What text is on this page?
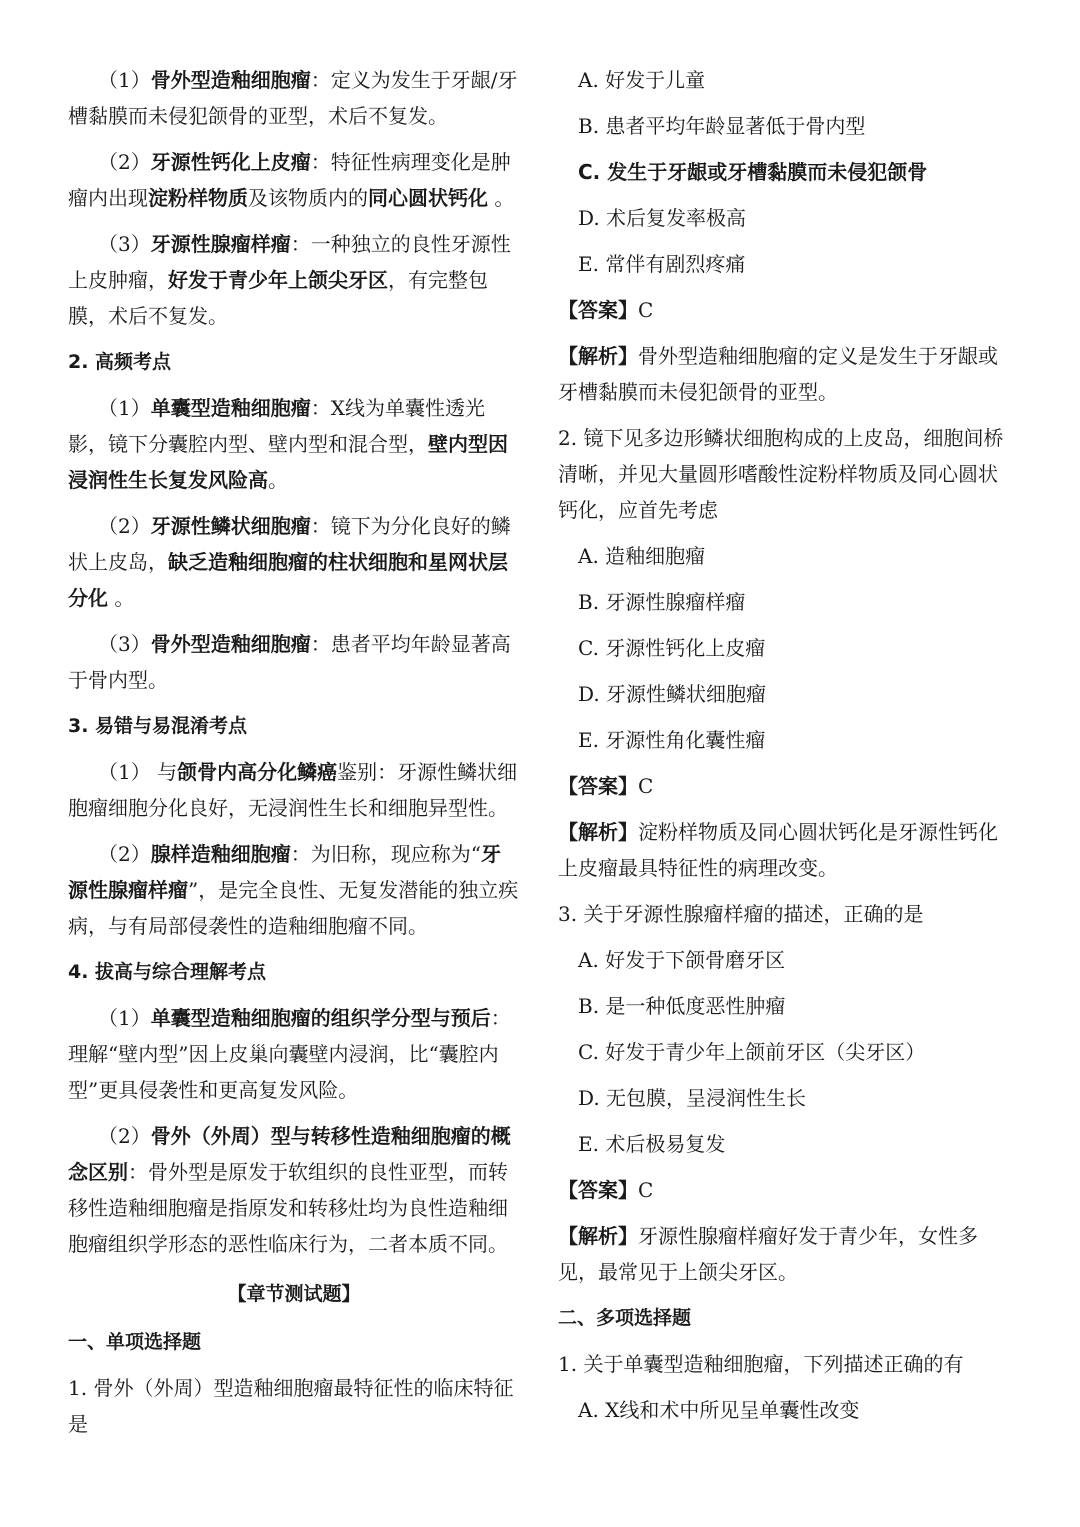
（1）骨外型造釉细胞瘤：定义为发生于牙龈/牙槽黏膜而未侵犯颌骨的亚型，术后不复发。

（2）牙源性钙化上皮瘤：特征性病理变化是肿瘤内出现淀粉样物质及该物质内的同心圆状钙化 。

（3）牙源性腺瘤样瘤：一种独立的良性牙源性上皮肿瘤，好发于青少年上颌尖牙区，有完整包膜，术后不复发。

2. 高频考点

（1）单囊型造釉细胞瘤：X线为单囊性透光影，镜下分囊腔内型、壁内型和混合型，壁内型因浸润性生长复发风险高。

（2）牙源性鳞状细胞瘤：镜下为分化良好的鳞状上皮岛，缺乏造釉细胞瘤的柱状细胞和星网状层分化 。

（3）骨外型造釉细胞瘤：患者平均年龄显著高于骨内型。

3. 易错与易混淆考点

（1） 与颌骨内高分化鳞癌鉴别：牙源性鳞状细胞瘤细胞分化良好，无浸润性生长和细胞异型性。

（2）腺样造釉细胞瘤：为旧称，现应称为“牙源性腺瘤样瘤”，是完全良性、无复发潜能的独立疾病，与有局部侵袭性的造釉细胞瘤不同。

4. 拔高与综合理解考点

（1）单囊型造釉细胞瘤的组织学分型与预后：理解“壁内型”因上皮巢向囊壁内浸润，比“囊腔内型”更具侵袭性和更高复发风险。

（2）骨外（外周）型与转移性造釉细胞瘤的概念区别：骨外型是原发于软组织的良性亚型，而转移性造釉细胞瘤是指原发和转移灶均为良性造釉细胞瘤组织学形态的恶性临床行为，二者本质不同。

【章节测试题】

一、单项选择题

1. 骨外（外周）型造釉细胞瘤最特征性的临床特征是

A. 好发于儿童

B. 患者平均年龄显著低于骨内型

C. 发生于牙龈或牙槽黏膜而未侵犯颌骨

D. 术后复发率极高

E. 常伴有剧烈疼痛

【答案】C

【解析】骨外型造釉细胞瘤的定义是发生于牙龈或牙槽黏膜而未侵犯颌骨的亚型。

2. 镜下见多边形鳞状细胞构成的上皮岛，细胞间桥清晰，并见大量圆形嗜酸性淀粉样物质及同心圆状钙化，应首先考虑

A. 造釉细胞瘤

B. 牙源性腺瘤样瘤

C. 牙源性钙化上皮瘤

D. 牙源性鳞状细胞瘤

E. 牙源性角化囊性瘤

【答案】C

【解析】淀粉样物质及同心圆状钙化是牙源性钙化上皮瘤最具特征性的病理改变。

3. 关于牙源性腺瘤样瘤的描述，正确的是

A. 好发于下颌骨磨牙区

B. 是一种低度恶性肿瘤

C. 好发于青少年上颌前牙区（尖牙区）

D. 无包膜，呈浸润性生长

E. 术后极易复发

【答案】C

【解析】牙源性腺瘤样瘤好发于青少年，女性多见，最常见于上颌尖牙区。

二、多项选择题

1. 关于单囊型造釉细胞瘤，下列描述正确的有

A. X线和术中所见呈单囊性改变
